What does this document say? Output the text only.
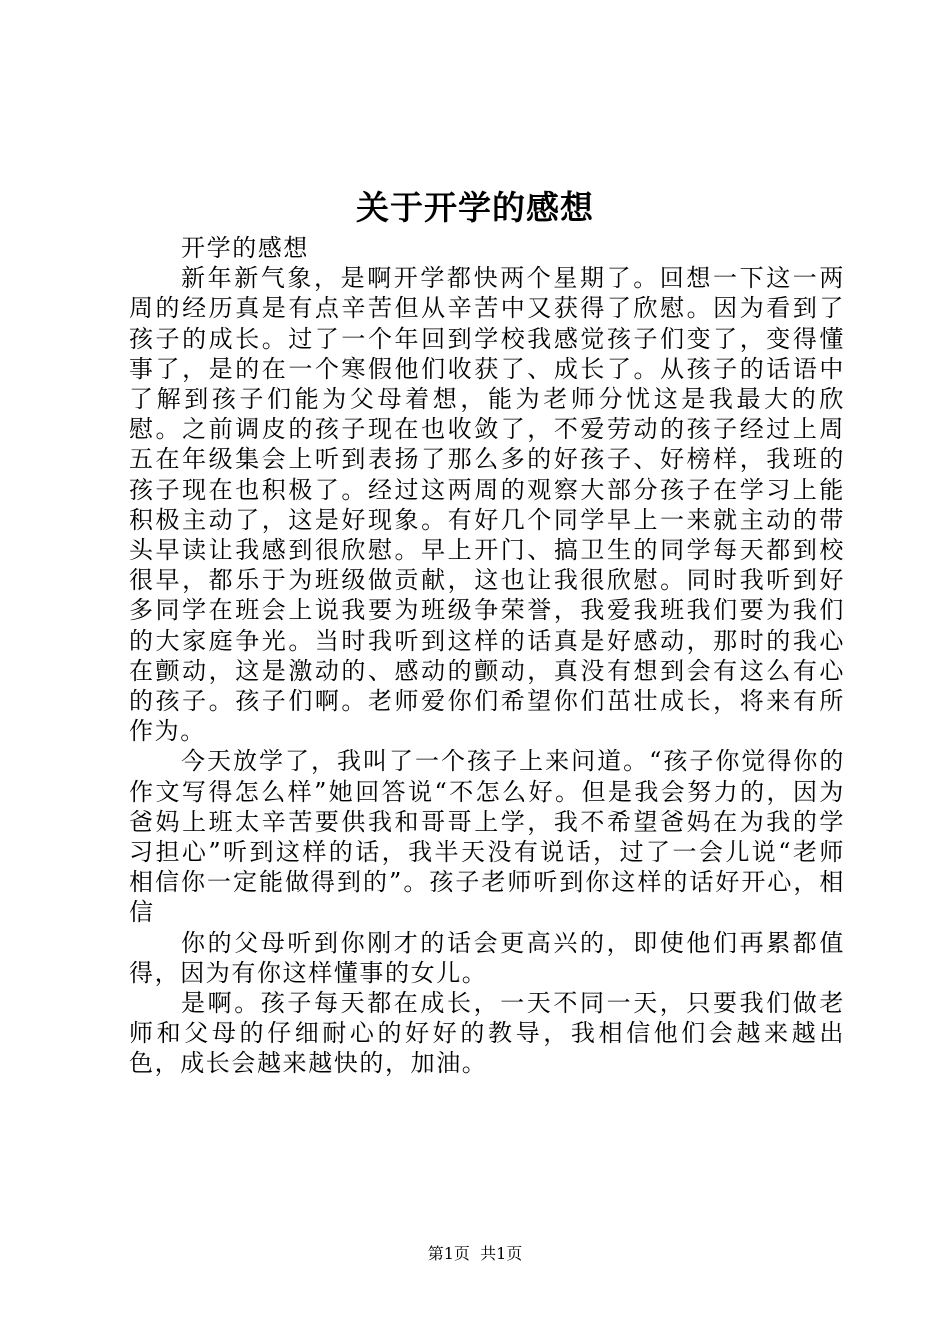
关于开学的感想

开学的感想

新年新气象，是啊开学都快两个星期了。回想一下这一两周的经历真是有点辛苦但从辛苦中又获得了欣慰。因为看到了孩子的成长。过了一个年回到学校我感觉孩子们变了，变得懂事了，是的在一个寒假他们收获了、成长了。从孩子的话语中了解到孩子们能为父母着想，能为老师分忧这是我最大的欣慰。之前调皮的孩子现在也收敛了，不爱劳动的孩子经过上周五在年级集会上听到表扬了那么多的好孩子、好榜样，我班的孩子现在也积极了。经过这两周的观察大部分孩子在学习上能积极主动了，这是好现象。有好几个同学早上一来就主动的带头早读让我感到很欣慰。早上开门、搞卫生的同学每天都到校很早，都乐于为班级做贡献，这也让我很欣慰。同时我听到好多同学在班会上说我要为班级争荣誉，我爱我班我们要为我们的大家庭争光。当时我听到这样的话真是好感动，那时的我心在颤动，这是激动的、感动的颤动，真没有想到会有这么有心的孩子。孩子们啊。老师爱你们希望你们茁壮成长，将来有所作为。

今天放学了，我叫了一个孩子上来问道。“孩子你觉得你的作文写得怎么样”她回答说“不怎么好。但是我会努力的，因为爸妈上班太辛苦要供我和哥哥上学，我不希望爸妈在为我的学习担心”听到这样的话，我半天没有说话，过了一会儿说“老师相信你一定能做得到的”。孩子老师听到你这样的话好开心，相信

你的父母听到你刚才的话会更高兴的，即使他们再累都值得，因为有你这样懂事的女儿。

是啊。孩子每天都在成长，一天不同一天，只要我们做老师和父母的仔细耐心的好好的教导，我相信他们会越来越出色，成长会越来越快的，加油。

第1页 共1页
